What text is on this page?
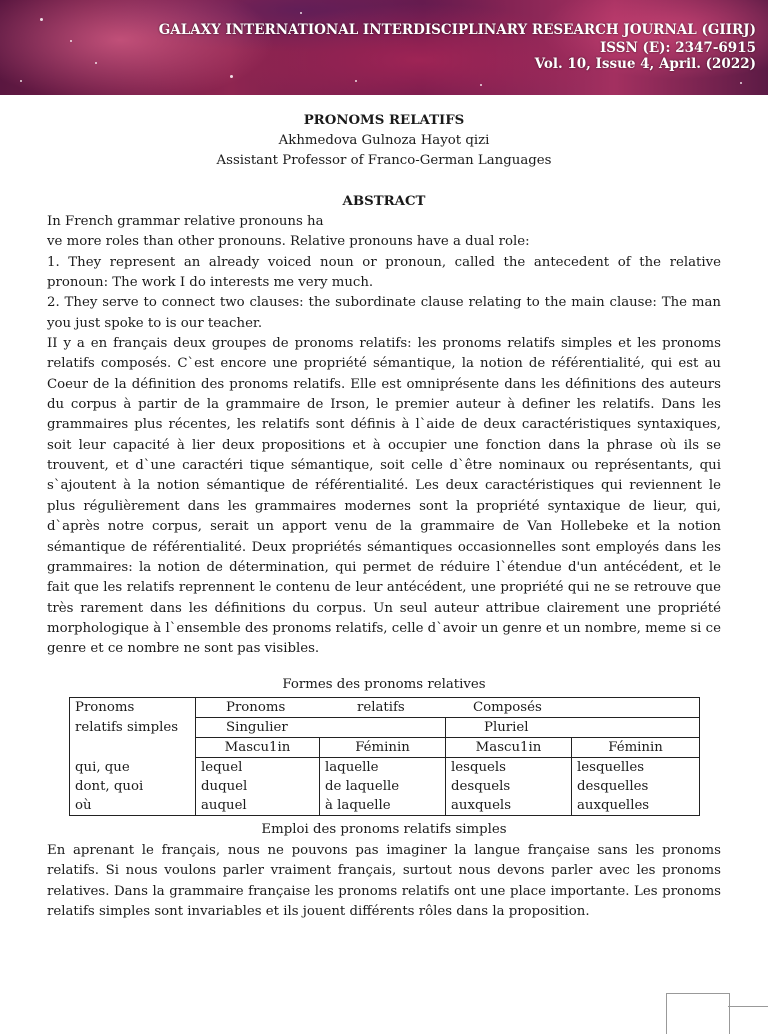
GALAXY INTERNATIONAL INTERDISCIPLINARY RESEARCH JOURNAL (GIIRJ)
ISSN (E): 2347-6915
Vol. 10, Issue 4, April. (2022)
PRONOMS RELATIFS
Akhmedova Gulnoza Hayot qizi
Assistant Professor of Franco-German Languages
ABSTRACT

In French grammar relative pronouns ha

ve more roles than other pronouns. Relative pronouns have a dual role:

1. They represent an already voiced noun or pronoun, called the antecedent of the relative pronoun: The work I do interests me very much.

2. They serve to connect two clauses: the subordinate clause relating to the main clause: The man you just spoke to is our teacher.

II y a en français deux groupes de pronoms relatifs: les pronoms relatifs simples et les pronoms relatifs composés. C`est encore une propriété sémantique, la notion de référentialité, qui est au Coeur de la définition des pronoms relatifs. Elle est omniprésente dans les définitions des auteurs du corpus à partir de la grammaire de Irson, le premier auteur à definer les relatifs. Dans les grammaires plus récentes, les relatifs sont définis à l`aide de deux caractéristiques syntaxiques, soit leur capacité à lier deux propositions et à occupier une fonction dans la phrase où ils se trouvent, et d`une caractéri tique sémantique, soit celle d`être nominaux ou représentants, qui s`ajoutent à la notion sémantique de référentialité. Les deux caractéristiques qui reviennent le plus régulièrement dans les grammaires modernes sont la propriété syntaxique de lieur, qui, d`après notre corpus, serait un apport venu de la grammaire de Van Hollebeke et la notion sémantique de référentialité. Deux propriétés sémantiques occasionnelles sont employés dans les grammaires: la notion de détermination, qui permet de réduire l`étendue d'un antécédent, et le fait que les relatifs reprennent le contenu de leur antécédent, une propriété qui ne se retrouve que très rarement dans les définitions du corpus. Un seul auteur attribue clairement une propriété morphologique à l`ensemble des pronoms relatifs, celle d`avoir un genre et un nombre, meme si ce genre et ce nombre ne sont pas visibles.

Formes des pronoms relatives
Pronoms	Pronoms relatifs Composés			
relatifs simples	Singulier		Pluriel	
	Mascu1in	Féminin	Mascu1in	Féminin
qui, que	lequel	laquelle	lesquels	lesquelles
dont, quoi	duquel	de laquelle	desquels	desquelles
où	auquel	à laquelle	auxquels	auxquelles
Emploi des pronoms relatifs simples

En aprenant le français, nous ne pouvons pas imaginer la langue française sans les pronoms relatifs. Si nous voulons parler vraiment français, surtout nous devons parler avec les pronoms relatives. Dans la grammaire française les pronoms relatifs ont une place importante. Les pronoms relatifs simples sont invariables et ils jouent différents rôles dans la proposition.
